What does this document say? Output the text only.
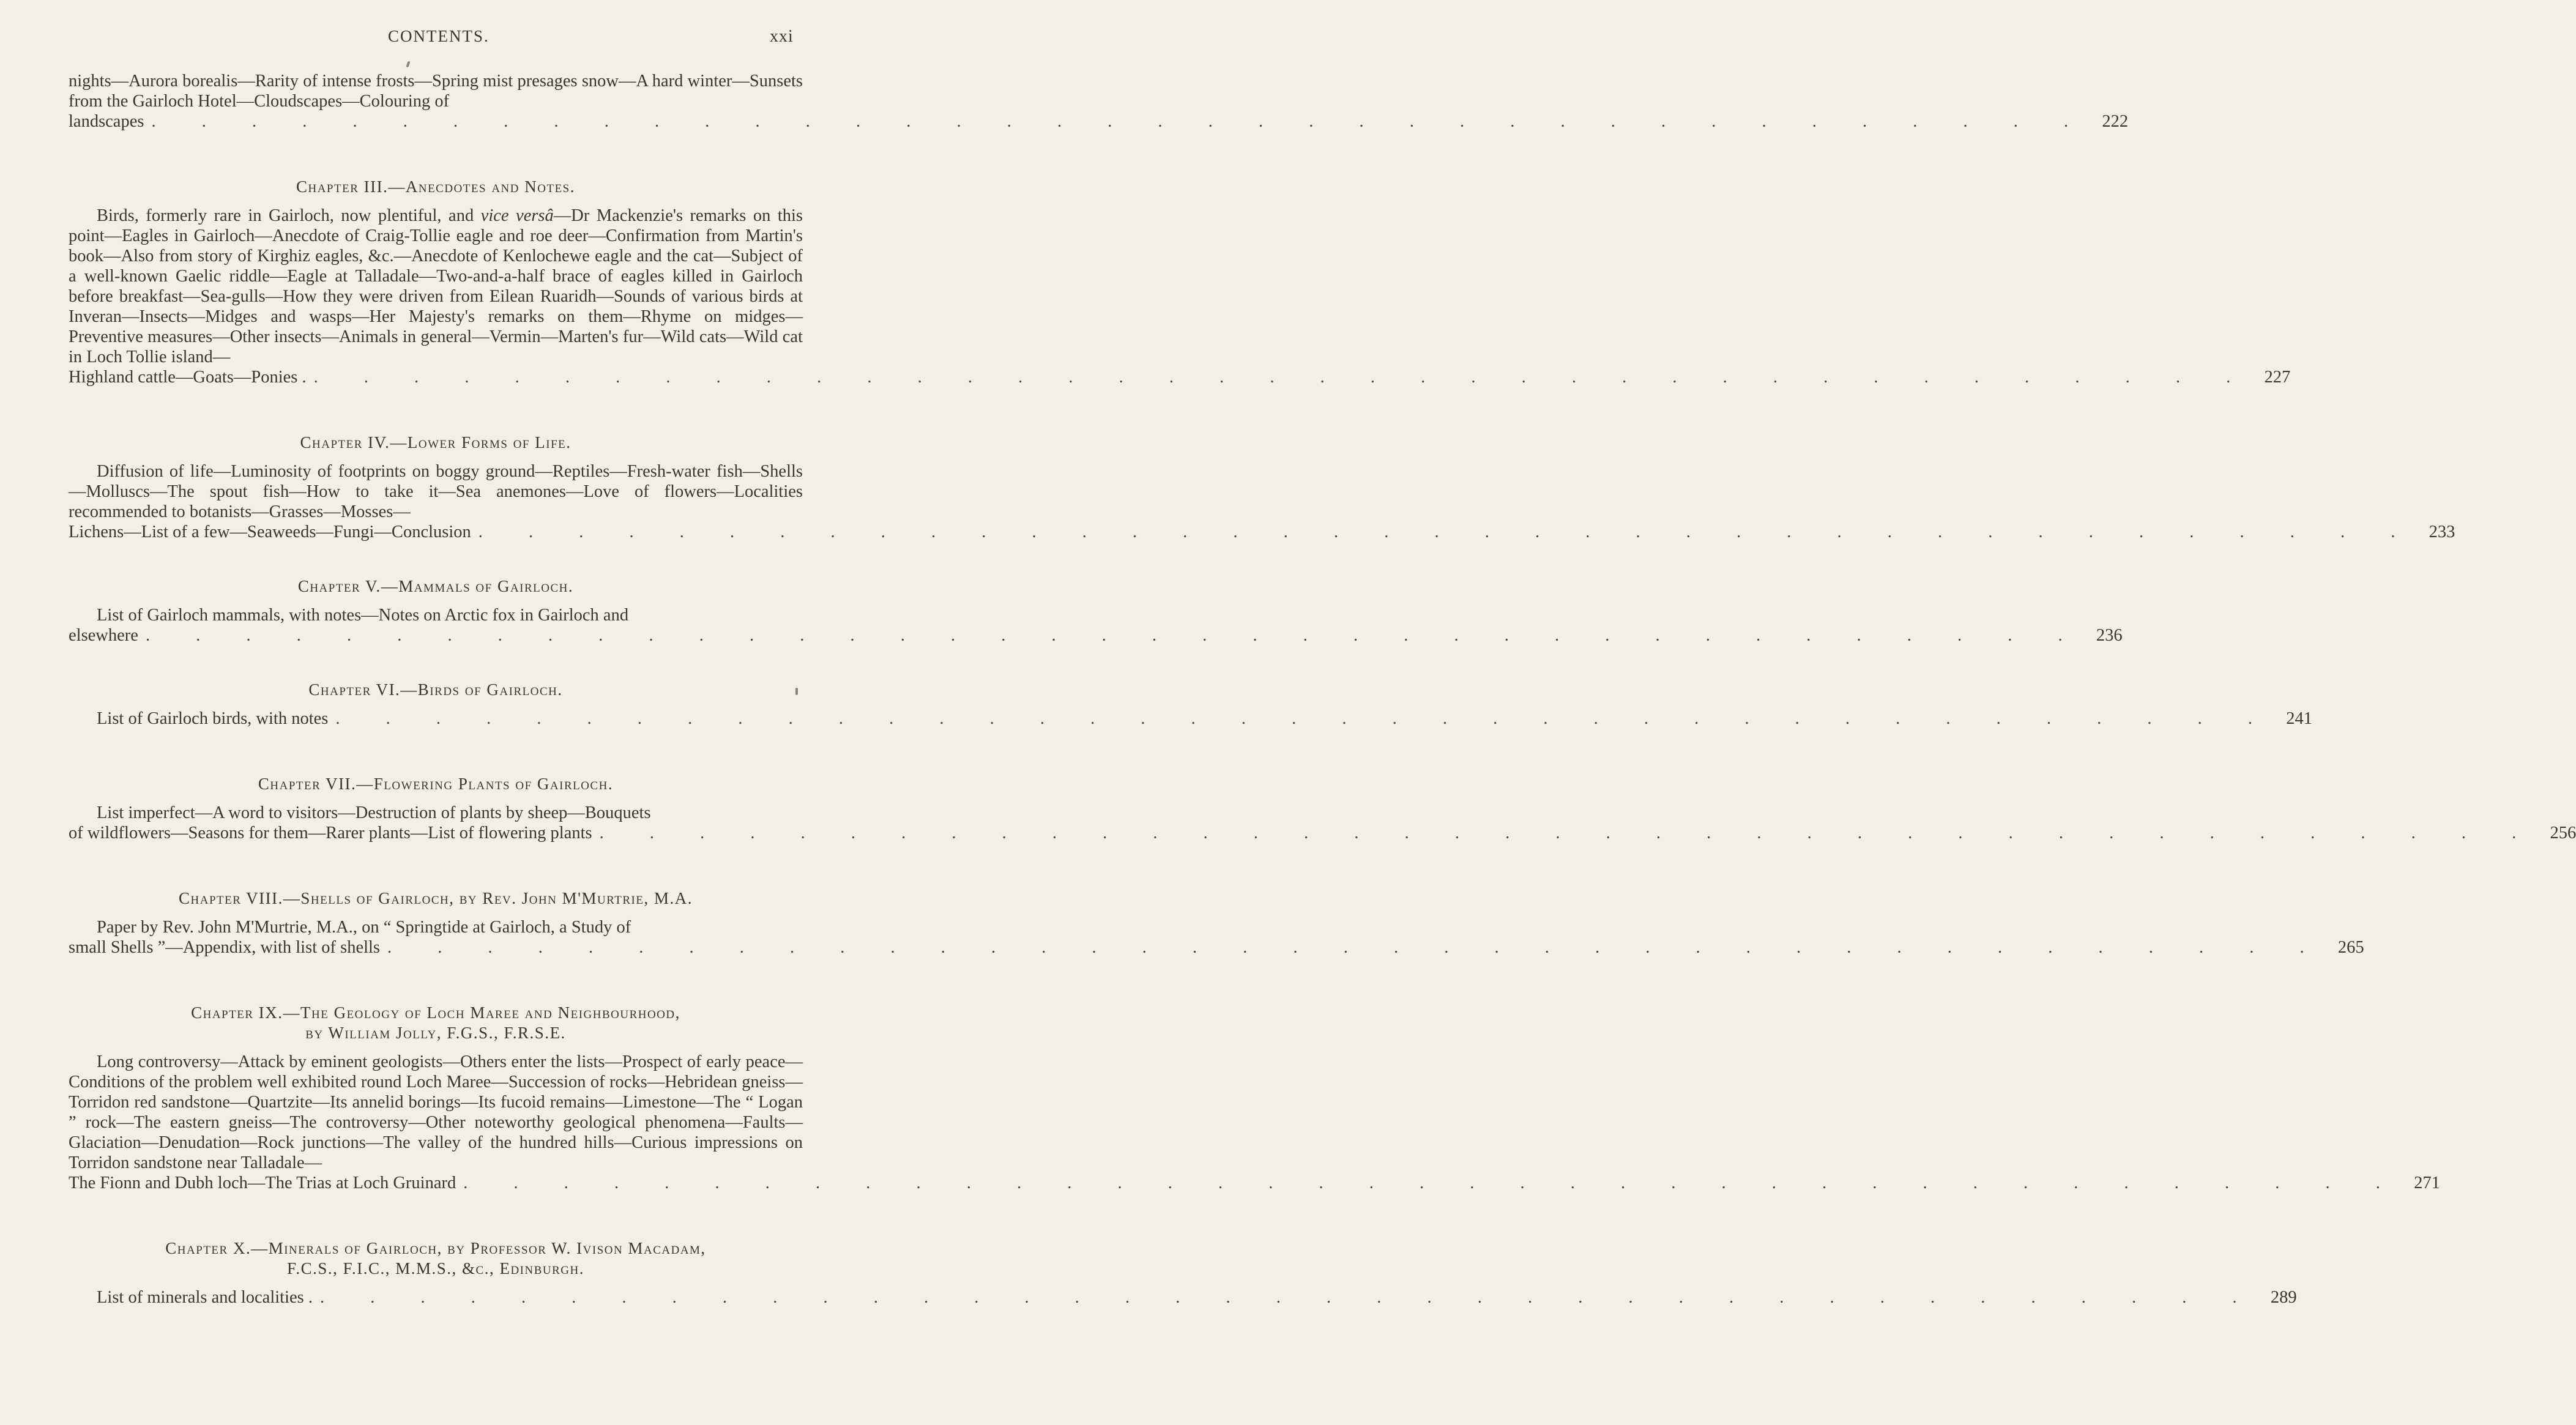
CONTENTS.	xxi
nights—Aurora borealis—Rarity of intense frosts—Spring mist presages snow—A hard winter—Sunsets from the Gairloch Hotel—Cloudscapes—Colouring of
landscapes . . . . . . . . . . . . . . . . . . . . . . . . . . . . . . . . . . . . . . . 222
Chapter III.—Anecdotes and Notes.
Birds, formerly rare in Gairloch, now plentiful, and vice versâ—Dr Mackenzie's remarks on this point—Eagles in Gairloch—Anecdote of Craig-Tollie eagle and roe deer—Confirmation from Martin's book—Also from story of Kirghiz eagles, &c.—Anecdote of Kenlochewe eagle and the cat—Subject of a well-known Gaelic riddle—Eagle at Talladale—Two-and-a-half brace of eagles killed in Gairloch before breakfast—Sea-gulls—How they were driven from Eilean Ruaridh—Sounds of various birds at Inveran—Insects—Midges and wasps—Her Majesty's remarks on them—Rhyme on midges—Preventive measures—Other insects—Animals in general—Vermin—Marten's fur—Wild cats—Wild cat in Loch Tollie island—
Highland cattle—Goats—Ponies . . . . . . . . . . . . . . . . . . . . . . . . . . . . . . . . . . . . . . . . 227
Chapter IV.—Lower Forms of Life.
Diffusion of life—Luminosity of footprints on boggy ground—Reptiles—Fresh-water fish—Shells—Molluscs—The spout fish—How to take it—Sea anemones—Love of flowers—Localities recommended to botanists—Grasses—Mosses—
Lichens—List of a few—Seaweeds—Fungi—Conclusion . . . . . . . . . . . . . . . . . . . . . . . . . . . . . . . . . . . . . . . 233
Chapter V.—Mammals of Gairloch.
List of Gairloch mammals, with notes—Notes on Arctic fox in Gairloch and
elsewhere . . . . . . . . . . . . . . . . . . . . . . . . . . . . . . . . . . . . . . . 236
Chapter VI.—Birds of Gairloch.
List of Gairloch birds, with notes . . . . . . . . . . . . . . . . . . . . . . . . . . . . . . . . . . . . . . . 241
Chapter VII.—Flowering Plants of Gairloch.
List imperfect—A word to visitors—Destruction of plants by sheep—Bouquets
of wildflowers—Seasons for them—Rarer plants—List of flowering plants . . . . . . . . . . . . . . . . . . . . . . . . . . . . . . . . . . . . . . . 256
Chapter VIII.—Shells of Gairloch, by Rev. John M'Murtrie, M.A.
Paper by Rev. John M'Murtrie, M.A., on “ Springtide at Gairloch, a Study of
small Shells ”—Appendix, with list of shells . . . . . . . . . . . . . . . . . . . . . . . . . . . . . . . . . . . . . . . 265
Chapter IX.—The Geology of Loch Maree and Neighbourhood,
by William Jolly, F.G.S., F.R.S.E.
Long controversy—Attack by eminent geologists—Others enter the lists—Prospect of early peace—Conditions of the problem well exhibited round Loch Maree—Succession of rocks—Hebridean gneiss—Torridon red sandstone—Quartzite—Its annelid borings—Its fucoid remains—Limestone—The “ Logan ” rock—The eastern gneiss—The controversy—Other noteworthy geological phenomena—Faults—Glaciation—Denudation—Rock junctions—The valley of the hundred hills—Curious impressions on Torridon sandstone near Talladale—
The Fionn and Dubh loch—The Trias at Loch Gruinard . . . . . . . . . . . . . . . . . . . . . . . . . . . . . . . . . . . . . . . 271
Chapter X.—Minerals of Gairloch, by Professor W. Ivison Macadam,
F.C.S., F.I.C., M.M.S., &c., Edinburgh.
List of minerals and localities . . . . . . . . . . . . . . . . . . . . . . . . . . . . . . . . . . . . . . . . 289
